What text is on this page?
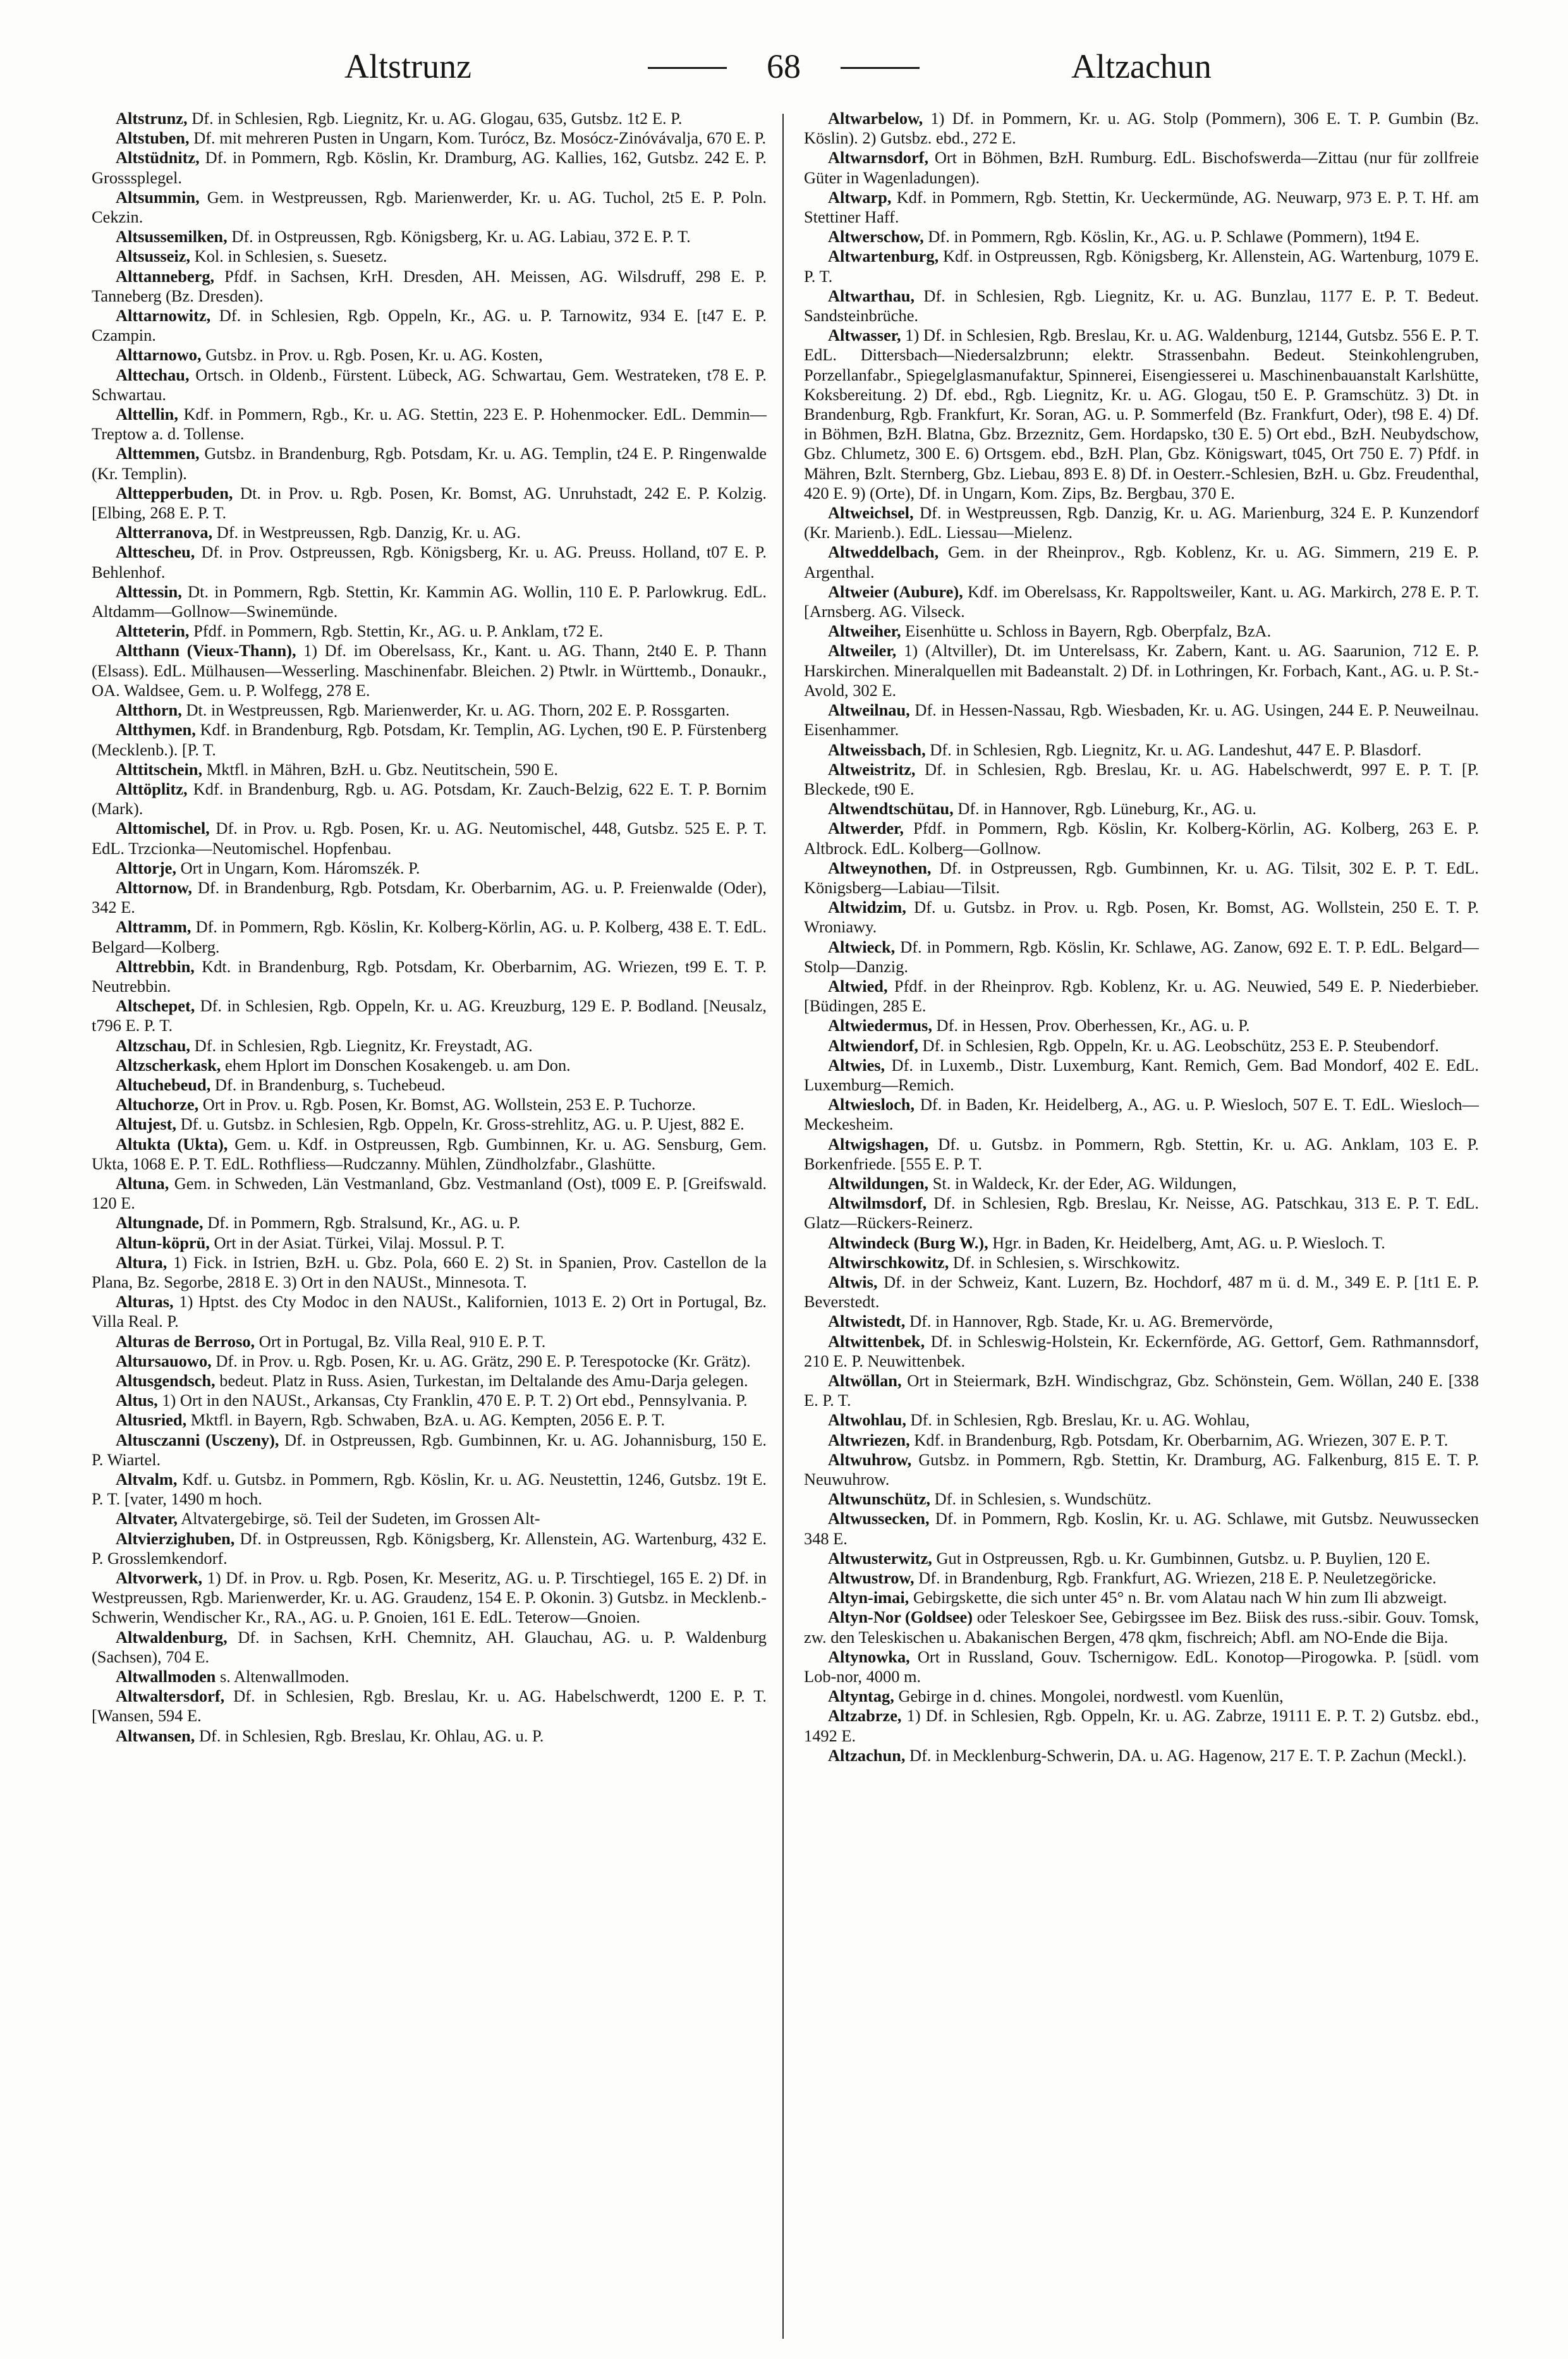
Altstrunz	68	Altzachun

Altstrunz, Df. in Schlesien, Rgb. Liegnitz, Kr. u. AG. Glogau, 635, Gutsbz. 1t2 E. P.

Altstuben, Df. mit mehreren Pusten in Ungarn, Kom. Turócz, Bz. Mosócz-Zinóvávalja, 670 E. P.

Altstüdnitz, Df. in Pommern, Rgb. Köslin, Kr. Dramburg, AG. Kallies, 162, Gutsbz. 242 E. P. Grosssplegel.

Altsummin, Gem. in Westpreussen, Rgb. Marienwerder, Kr. u. AG. Tuchol, 2t5 E. P. Poln. Cekzin.

Altsussemilken, Df. in Ostpreussen, Rgb. Königsberg, Kr. u. AG. Labiau, 372 E. P. T.

Altsusseiz, Kol. in Schlesien, s. Suesetz.

Alttanneberg, Pfdf. in Sachsen, KrH. Dresden, AH. Meissen, AG. Wilsdruff, 298 E. P. Tanneberg (Bz. Dresden).

Alttarnowitz, Df. in Schlesien, Rgb. Oppeln, Kr., AG. u. P. Tarnowitz, 934 E. [t47 E. P. Czampin.

Alttarnowo, Gutsbz. in Prov. u. Rgb. Posen, Kr. u. AG. Kosten,

Alttechau, Ortsch. in Oldenb., Fürstent. Lübeck, AG. Schwartau, Gem. Westrateken, t78 E. P. Schwartau.

Alttellin, Kdf. in Pommern, Rgb., Kr. u. AG. Stettin, 223 E. P. Hohenmocker. EdL. Demmin—Treptow a. d. Tollense.

Alttemmen, Gutsbz. in Brandenburg, Rgb. Potsdam, Kr. u. AG. Templin, t24 E. P. Ringenwalde (Kr. Templin).

Alttepperbuden, Dt. in Prov. u. Rgb. Posen, Kr. Bomst, AG. Unruhstadt, 242 E. P. Kolzig. [Elbing, 268 E. P. T.

Altterranova, Df. in Westpreussen, Rgb. Danzig, Kr. u. AG.

Alttescheu, Df. in Prov. Ostpreussen, Rgb. Königsberg, Kr. u. AG. Preuss. Holland, t07 E. P. Behlenhof.

Alttessin, Dt. in Pommern, Rgb. Stettin, Kr. Kammin AG. Wollin, 110 E. P. Parlowkrug. EdL. Altdamm—Gollnow—Swinemünde.

Altteterin, Pfdf. in Pommern, Rgb. Stettin, Kr., AG. u. P. Anklam, t72 E.

Altthann (Vieux-Thann), 1) Df. im Oberelsass, Kr., Kant. u. AG. Thann, 2t40 E. P. Thann (Elsass). EdL. Mülhausen—Wesserling. Maschinenfabr. Bleichen. 2) Ptwlr. in Württemb., Donaukr., OA. Waldsee, Gem. u. P. Wolfegg, 278 E.

Altthorn, Dt. in Westpreussen, Rgb. Marienwerder, Kr. u. AG. Thorn, 202 E. P. Rossgarten.

Altthymen, Kdf. in Brandenburg, Rgb. Potsdam, Kr. Templin, AG. Lychen, t90 E. P. Fürstenberg (Mecklenb.). [P. T.

Alttitschein, Mktfl. in Mähren, BzH. u. Gbz. Neutitschein, 590 E.

Alttöplitz, Kdf. in Brandenburg, Rgb. u. AG. Potsdam, Kr. Zauch-Belzig, 622 E. T. P. Bornim (Mark).

Alttomischel, Df. in Prov. u. Rgb. Posen, Kr. u. AG. Neutomischel, 448, Gutsbz. 525 E. P. T. EdL. Trzcionka—Neutomischel. Hopfenbau.

Alttorje, Ort in Ungarn, Kom. Háromszék. P.

Alttornow, Df. in Brandenburg, Rgb. Potsdam, Kr. Oberbarnim, AG. u. P. Freienwalde (Oder), 342 E.

Alttramm, Df. in Pommern, Rgb. Köslin, Kr. Kolberg-Körlin, AG. u. P. Kolberg, 438 E. T. EdL. Belgard—Kolberg.

Alttrebbin, Kdt. in Brandenburg, Rgb. Potsdam, Kr. Oberbarnim, AG. Wriezen, t99 E. T. P. Neutrebbin.

Altschepet, Df. in Schlesien, Rgb. Oppeln, Kr. u. AG. Kreuzburg, 129 E. P. Bodland. [Neusalz, t796 E. P. T.

Altzschau, Df. in Schlesien, Rgb. Liegnitz, Kr. Freystadt, AG.

Altzscherkask, ehem Hplort im Donschen Kosakengeb. u. am Don.

Altuchebeud, Df. in Brandenburg, s. Tuchebeud.

Altuchorze, Ort in Prov. u. Rgb. Posen, Kr. Bomst, AG. Wollstein, 253 E. P. Tuchorze.

Altujest, Df. u. Gutsbz. in Schlesien, Rgb. Oppeln, Kr. Gross-strehlitz, AG. u. P. Ujest, 882 E.

Altukta (Ukta), Gem. u. Kdf. in Ostpreussen, Rgb. Gumbinnen, Kr. u. AG. Sensburg, Gem. Ukta, 1068 E. P. T. EdL. Rothfliess—Rudczanny. Mühlen, Zündholzfabr., Glashütte.

Altuna, Gem. in Schweden, Län Vestmanland, Gbz. Vestmanland (Ost), t009 E. P. [Greifswald. 120 E.

Altungnade, Df. in Pommern, Rgb. Stralsund, Kr., AG. u. P.

Altun-köprü, Ort in der Asiat. Türkei, Vilaj. Mossul. P. T.

Altura, 1) Fick. in Istrien, BzH. u. Gbz. Pola, 660 E. 2) St. in Spanien, Prov. Castellon de la Plana, Bz. Segorbe, 2818 E. 3) Ort in den NAUSt., Minnesota. T.

Alturas, 1) Hptst. des Cty Modoc in den NAUSt., Kalifornien, 1013 E. 2) Ort in Portugal, Bz. Villa Real. P.

Alturas de Berroso, Ort in Portugal, Bz. Villa Real, 910 E. P. T.

Altursauowo, Df. in Prov. u. Rgb. Posen, Kr. u. AG. Grätz, 290 E. P. Terespotocke (Kr. Grätz).

Altusgendsch, bedeut. Platz in Russ. Asien, Turkestan, im Deltalande des Amu-Darja gelegen.

Altus, 1) Ort in den NAUSt., Arkansas, Cty Franklin, 470 E. P. T. 2) Ort ebd., Pennsylvania. P.

Altusried, Mktfl. in Bayern, Rgb. Schwaben, BzA. u. AG. Kempten, 2056 E. P. T.

Altusczanni (Usczeny), Df. in Ostpreussen, Rgb. Gumbinnen, Kr. u. AG. Johannisburg, 150 E. P. Wiartel.

Altvalm, Kdf. u. Gutsbz. in Pommern, Rgb. Köslin, Kr. u. AG. Neustettin, 1246, Gutsbz. 19t E. P. T. [vater, 1490 m hoch.

Altvater, Altvatergebirge, sö. Teil der Sudeten, im Grossen Alt-

Altvierzighuben, Df. in Ostpreussen, Rgb. Königsberg, Kr. Allenstein, AG. Wartenburg, 432 E. P. Grosslemkendorf.

Altvorwerk, 1) Df. in Prov. u. Rgb. Posen, Kr. Meseritz, AG. u. P. Tirschtiegel, 165 E. 2) Df. in Westpreussen, Rgb. Marienwerder, Kr. u. AG. Graudenz, 154 E. P. Okonin. 3) Gutsbz. in Mecklenb.-Schwerin, Wendischer Kr., RA., AG. u. P. Gnoien, 161 E. EdL. Teterow—Gnoien.

Altwaldenburg, Df. in Sachsen, KrH. Chemnitz, AH. Glauchau, AG. u. P. Waldenburg (Sachsen), 704 E.

Altwallmoden s. Altenwallmoden.

Altwaltersdorf, Df. in Schlesien, Rgb. Breslau, Kr. u. AG. Habelschwerdt, 1200 E. P. T. [Wansen, 594 E.

Altwansen, Df. in Schlesien, Rgb. Breslau, Kr. Ohlau, AG. u. P.

Altwarbelow, 1) Df. in Pommern, Kr. u. AG. Stolp (Pommern), 306 E. T. P. Gumbin (Bz. Köslin). 2) Gutsbz. ebd., 272 E.

Altwarnsdorf, Ort in Böhmen, BzH. Rumburg. EdL. Bischofswerda—Zittau (nur für zollfreie Güter in Wagenladungen).

Altwarp, Kdf. in Pommern, Rgb. Stettin, Kr. Ueckermünde, AG. Neuwarp, 973 E. P. T. Hf. am Stettiner Haff.

Altwerschow, Df. in Pommern, Rgb. Köslin, Kr., AG. u. P. Schlawe (Pommern), 1t94 E.

Altwartenburg, Kdf. in Ostpreussen, Rgb. Königsberg, Kr. Allenstein, AG. Wartenburg, 1079 E. P. T.

Altwarthau, Df. in Schlesien, Rgb. Liegnitz, Kr. u. AG. Bunzlau, 1177 E. P. T. Bedeut. Sandsteinbrüche.

Altwasser, 1) Df. in Schlesien, Rgb. Breslau, Kr. u. AG. Waldenburg, 12144, Gutsbz. 556 E. P. T. EdL. Dittersbach—Niedersalzbrunn; elektr. Strassenbahn. Bedeut. Steinkohlengruben, Porzellanfabr., Spiegelglasmanufaktur, Spinnerei, Eisengiesserei u. Maschinenbauanstalt Karlshütte, Koksbereitung. 2) Df. ebd., Rgb. Liegnitz, Kr. u. AG. Glogau, t50 E. P. Gramschütz. 3) Dt. in Brandenburg, Rgb. Frankfurt, Kr. Soran, AG. u. P. Sommerfeld (Bz. Frankfurt, Oder), t98 E. 4) Df. in Böhmen, BzH. Blatna, Gbz. Brzeznitz, Gem. Hordapsko, t30 E. 5) Ort ebd., BzH. Neubydschow, Gbz. Chlumetz, 300 E. 6) Ortsgem. ebd., BzH. Plan, Gbz. Königswart, t045, Ort 750 E. 7) Pfdf. in Mähren, Bzlt. Sternberg, Gbz. Liebau, 893 E. 8) Df. in Oesterr.-Schlesien, BzH. u. Gbz. Freudenthal, 420 E. 9) (Orte), Df. in Ungarn, Kom. Zips, Bz. Bergbau, 370 E.

Altweichsel, Df. in Westpreussen, Rgb. Danzig, Kr. u. AG. Marienburg, 324 E. P. Kunzendorf (Kr. Marienb.). EdL. Liessau—Mielenz.

Altweddelbach, Gem. in der Rheinprov., Rgb. Koblenz, Kr. u. AG. Simmern, 219 E. P. Argenthal.

Altweier (Aubure), Kdf. im Oberelsass, Kr. Rappoltsweiler, Kant. u. AG. Markirch, 278 E. P. T. [Arnsberg. AG. Vilseck.

Altweiher, Eisenhütte u. Schloss in Bayern, Rgb. Oberpfalz, BzA.

Altweiler, 1) (Altviller), Dt. im Unterelsass, Kr. Zabern, Kant. u. AG. Saarunion, 712 E. P. Harskirchen. Mineralquellen mit Badeanstalt. 2) Df. in Lothringen, Kr. Forbach, Kant., AG. u. P. St.-Avold, 302 E.

Altweilnau, Df. in Hessen-Nassau, Rgb. Wiesbaden, Kr. u. AG. Usingen, 244 E. P. Neuweilnau. Eisenhammer.

Altweissbach, Df. in Schlesien, Rgb. Liegnitz, Kr. u. AG. Landeshut, 447 E. P. Blasdorf.

Altweistritz, Df. in Schlesien, Rgb. Breslau, Kr. u. AG. Habelschwerdt, 997 E. P. T. [P. Bleckede, t90 E.

Altwendtschütau, Df. in Hannover, Rgb. Lüneburg, Kr., AG. u.

Altwerder, Pfdf. in Pommern, Rgb. Köslin, Kr. Kolberg-Körlin, AG. Kolberg, 263 E. P. Altbrock. EdL. Kolberg—Gollnow.

Altweynothen, Df. in Ostpreussen, Rgb. Gumbinnen, Kr. u. AG. Tilsit, 302 E. P. T. EdL. Königsberg—Labiau—Tilsit.

Altwidzim, Df. u. Gutsbz. in Prov. u. Rgb. Posen, Kr. Bomst, AG. Wollstein, 250 E. T. P. Wroniawy.

Altwieck, Df. in Pommern, Rgb. Köslin, Kr. Schlawe, AG. Zanow, 692 E. T. P. EdL. Belgard—Stolp—Danzig.

Altwied, Pfdf. in der Rheinprov. Rgb. Koblenz, Kr. u. AG. Neuwied, 549 E. P. Niederbieber. [Büdingen, 285 E.

Altwiedermus, Df. in Hessen, Prov. Oberhessen, Kr., AG. u. P.

Altwiendorf, Df. in Schlesien, Rgb. Oppeln, Kr. u. AG. Leobschütz, 253 E. P. Steubendorf.

Altwies, Df. in Luxemb., Distr. Luxemburg, Kant. Remich, Gem. Bad Mondorf, 402 E. EdL. Luxemburg—Remich.

Altwiesloch, Df. in Baden, Kr. Heidelberg, A., AG. u. P. Wiesloch, 507 E. T. EdL. Wiesloch—Meckesheim.

Altwigshagen, Df. u. Gutsbz. in Pommern, Rgb. Stettin, Kr. u. AG. Anklam, 103 E. P. Borkenfriede. [555 E. P. T.

Altwildungen, St. in Waldeck, Kr. der Eder, AG. Wildungen,

Altwilmsdorf, Df. in Schlesien, Rgb. Breslau, Kr. Neisse, AG. Patschkau, 313 E. P. T. EdL. Glatz—Rückers-Reinerz.

Altwindeck (Burg W.), Hgr. in Baden, Kr. Heidelberg, Amt, AG. u. P. Wiesloch. T.

Altwirschkowitz, Df. in Schlesien, s. Wirschkowitz.

Altwis, Df. in der Schweiz, Kant. Luzern, Bz. Hochdorf, 487 m ü. d. M., 349 E. P. [1t1 E. P. Beverstedt.

Altwistedt, Df. in Hannover, Rgb. Stade, Kr. u. AG. Bremervörde,

Altwittenbek, Df. in Schleswig-Holstein, Kr. Eckernförde, AG. Gettorf, Gem. Rathmannsdorf, 210 E. P. Neuwittenbek.

Altwöllan, Ort in Steiermark, BzH. Windischgraz, Gbz. Schönstein, Gem. Wöllan, 240 E. [338 E. P. T.

Altwohlau, Df. in Schlesien, Rgb. Breslau, Kr. u. AG. Wohlau,

Altwriezen, Kdf. in Brandenburg, Rgb. Potsdam, Kr. Oberbarnim, AG. Wriezen, 307 E. P. T.

Altwuhrow, Gutsbz. in Pommern, Rgb. Stettin, Kr. Dramburg, AG. Falkenburg, 815 E. T. P. Neuwuhrow.

Altwunschütz, Df. in Schlesien, s. Wundschütz.

Altwussecken, Df. in Pommern, Rgb. Koslin, Kr. u. AG. Schlawe, mit Gutsbz. Neuwussecken 348 E.

Altwusterwitz, Gut in Ostpreussen, Rgb. u. Kr. Gumbinnen, Gutsbz. u. P. Buylien, 120 E.

Altwustrow, Df. in Brandenburg, Rgb. Frankfurt, AG. Wriezen, 218 E. P. Neuletzegöricke.

Altyn-imai, Gebirgskette, die sich unter 45° n. Br. vom Alatau nach W hin zum Ili abzweigt.

Altyn-Nor (Goldsee) oder Teleskoer See, Gebirgssee im Bez. Biisk des russ.-sibir. Gouv. Tomsk, zw. den Teleskischen u. Abakanischen Bergen, 478 qkm, fischreich; Abfl. am NO-Ende die Bija.

Altynowka, Ort in Russland, Gouv. Tschernigow. EdL. Konotop—Pirogowka. P. [südl. vom Lob-nor, 4000 m.

Altyntag, Gebirge in d. chines. Mongolei, nordwestl. vom Kuenlün,

Altzabrze, 1) Df. in Schlesien, Rgb. Oppeln, Kr. u. AG. Zabrze, 19111 E. P. T. 2) Gutsbz. ebd., 1492 E.

Altzachun, Df. in Mecklenburg-Schwerin, DA. u. AG. Hagenow, 217 E. T. P. Zachun (Meckl.).
